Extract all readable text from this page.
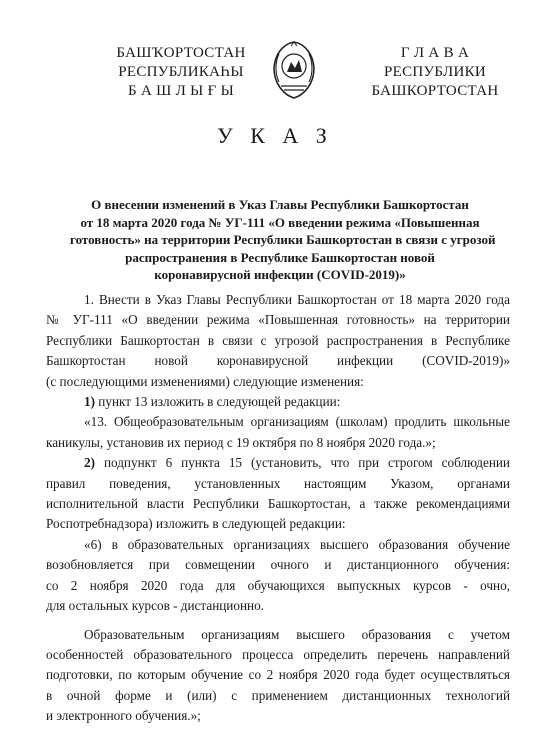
БАШҠОРТОСТАН
РЕСПУБЛИКАҺЫ
Б А Ш Л Ы Ғ Ы
Г Л А В А
РЕСПУБЛИКИ
БАШКОРТОСТАН
У К А З
О внесении изменений в Указ Главы Республики Башкортостан
от 18 марта 2020 года № УГ-111 «О введении режима «Повышенная
готовность» на территории Республики Башкортостан в связи с угрозой
распространения в Республике Башкортостан новой
коронавирусной инфекции (COVID-2019)»
1. Внести в Указ Главы Республики Башкортостан от 18 марта 2020 года
№ УГ-111 «О введении режима «Повышенная готовность» на территории
Республики Башкортостан в связи с угрозой распространения в Республике
Башкортостан новой коронавирусной инфекции (COVID-2019)»
(с последующими изменениями) следующие изменения:
1) пункт 13 изложить в следующей редакции:
«13. Общеобразовательным организациям (школам) продлить школьные
каникулы, установив их период с 19 октября по 8 ноября 2020 года.»;
2) подпункт 6 пункта 15 (установить, что при строгом соблюдении
правил поведения, установленных настоящим Указом, органами
исполнительной власти Республики Башкортостан, а также рекомендациями
Роспотребнадзора) изложить в следующей редакции:
«6) в образовательных организациях высшего образования обучение
возобновляется при совмещении очного и дистанционного обучения:
со 2 ноября 2020 года для обучающихся выпускных курсов - очно,
для остальных курсов - дистанционно.
Образовательным организациям высшего образования с учетом
особенностей образовательного процесса определить перечень направлений
подготовки, по которым обучение со 2 ноября 2020 года будет осуществляться
в очной форме и (или) с применением дистанционных технологий
и электронного обучения.»;
